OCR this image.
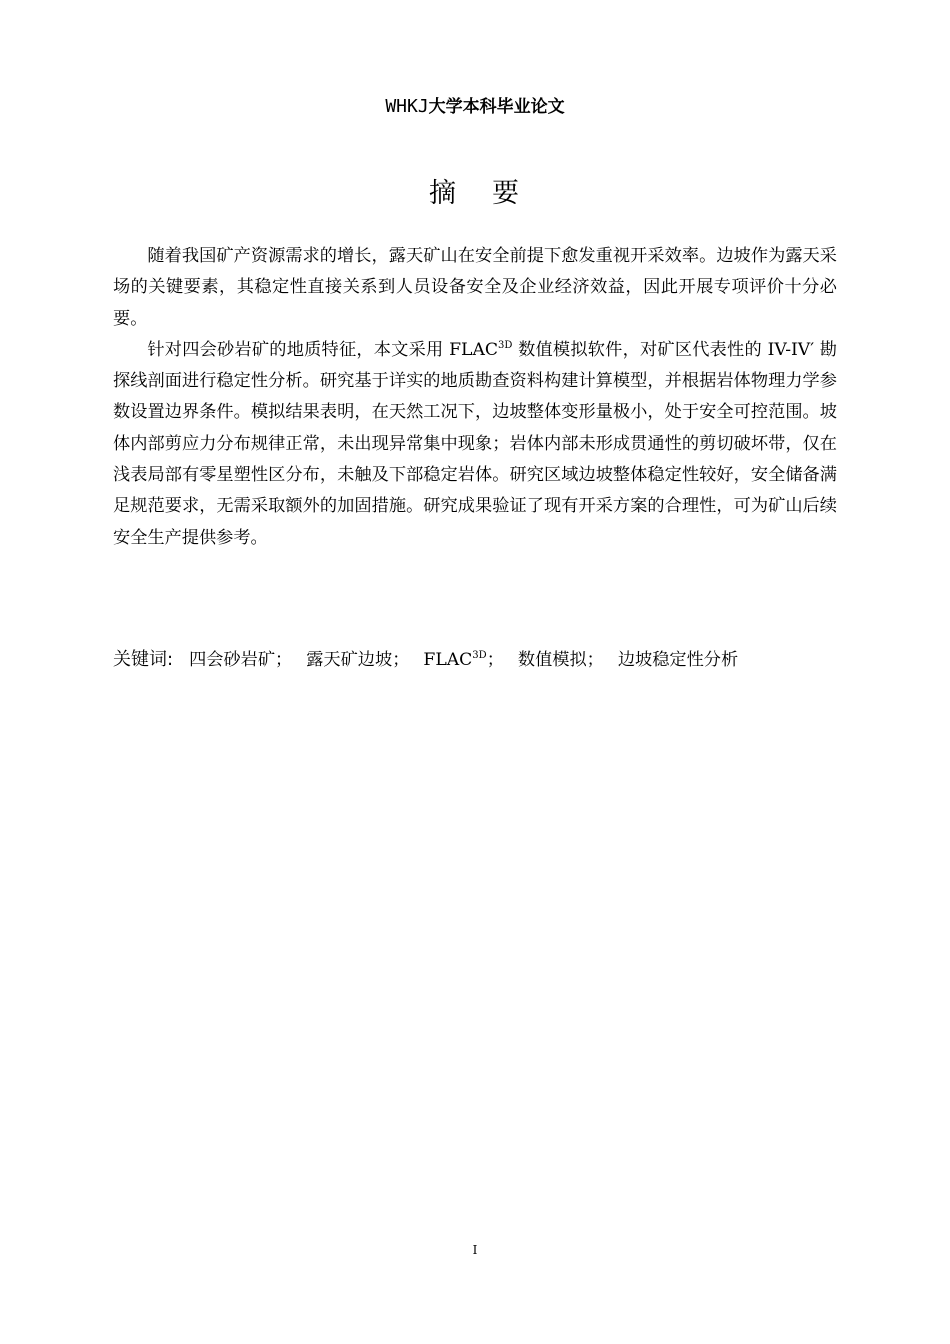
WHKJ大学本科毕业论文
摘 要

随着我国矿产资源需求的增长，露天矿山在安全前提下愈发重视开采效率。边坡作为露天采场的关键要素，其稳定性直接关系到人员设备安全及企业经济效益，因此开展专项评价十分必要。

针对四会砂岩矿的地质特征，本文采用 $FLAC^{3D}$ 数值模拟软件，对矿区代表性的 IV-IV′ 勘探线剖面进行稳定性分析。研究基于详实的地质勘查资料构建计算模型，并根据岩体物理力学参数设置边界条件。模拟结果表明，在天然工况下，边坡整体变形量极小，处于安全可控范围。坡体内部剪应力分布规律正常，未出现异常集中现象；岩体内部未形成贯通性的剪切破坏带，仅在浅表局部有零星塑性区分布，未触及下部稳定岩体。研究区域边坡整体稳定性较好，安全储备满足规范要求，无需采取额外的加固措施。研究成果验证了现有开采方案的合理性，可为矿山后续安全生产提供参考。

关键词: 四会砂岩矿； 露天矿边坡； $FLAC^{3D}$； 数值模拟； 边坡稳定性分析
I
